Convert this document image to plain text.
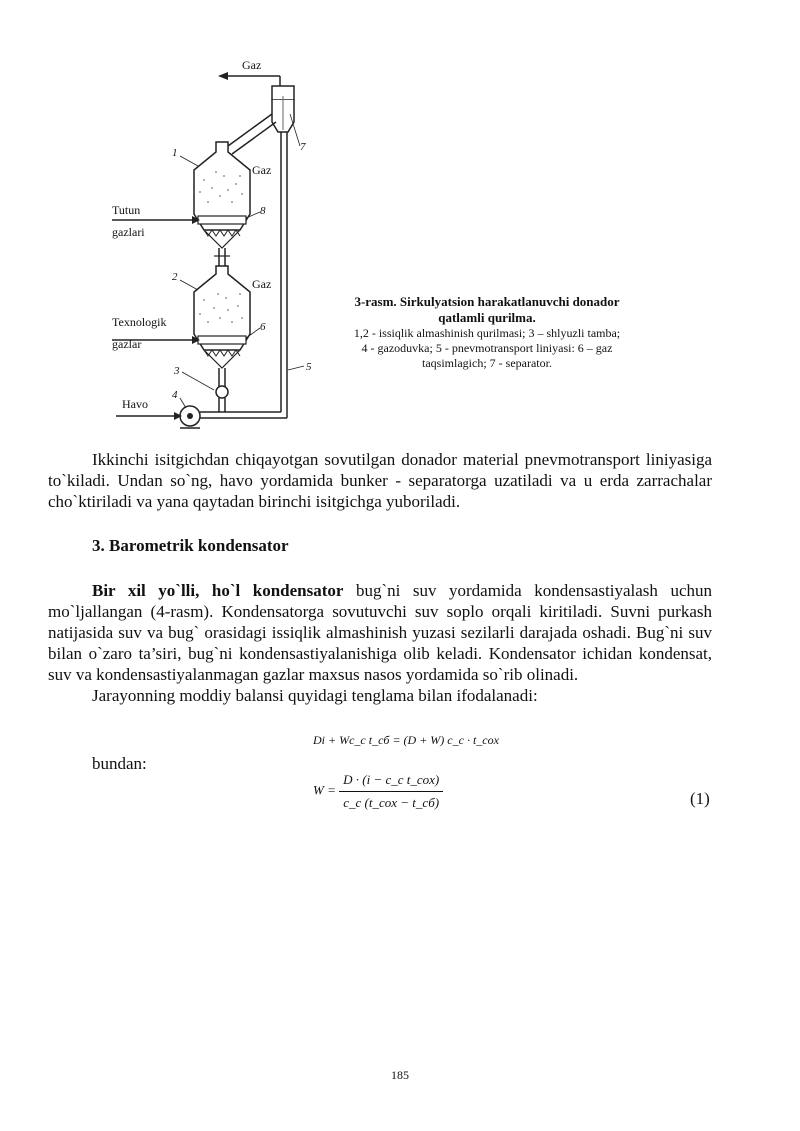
Gaz
Gaz
Tutun
gazlari
Gaz
Texnologik
gazlar
Havo
1
2
3
4
5
6
7
8
3-rasm. Sirkulyatsion harakatlanuvchi donador qatlamli qurilma.
1,2 - issiqlik almashinish qurilmasi; 3 – shlyuzli tamba; 4 - gazoduvka; 5 - pnevmotransport liniyasi: 6 – gaz taqsimlagich; 7 - separator.

Ikkinchi isitgichdan chiqayotgan sovutilgan donador material pnevmotransport liniyasiga to`kiladi. Undan so`ng, havo yordamida bunker - separatorga uzatiladi va u erda zarrachalar cho`ktiriladi va yana qaytadan birinchi isitgichga yuboriladi.

3. Barometrik kondensator

Bir xil yo`lli, ho`l kondensator bug`ni suv yordamida kondensastiyalash uchun mo`ljallangan (4-rasm). Kondensatorga sovutuvchi suv soplo orqali kiritiladi. Suvni purkash natijasida suv va bug` orasidagi issiqlik almashinish yuzasi sezilarli darajada oshadi. Bug`ni suv bilan o`zaro ta’siri, bug`ni kondensastiyalanishiga olib keladi. Kondensator ichidan kondensat, suv va kondensastiyalanmagan gazlar maxsus nasos yordamida so`rib olinadi.

Jarayonning moddiy balansi quyidagi tenglama bilan ifodalanadi:

Di + Wc_c t_cб = (D + W) c_c · t_cox
bundan:
$W = \frac{\text{D · (i − c\_c t\_cox)}}{\text{c\_c (t\_cox − t\_cб)}}$	(1)
185
